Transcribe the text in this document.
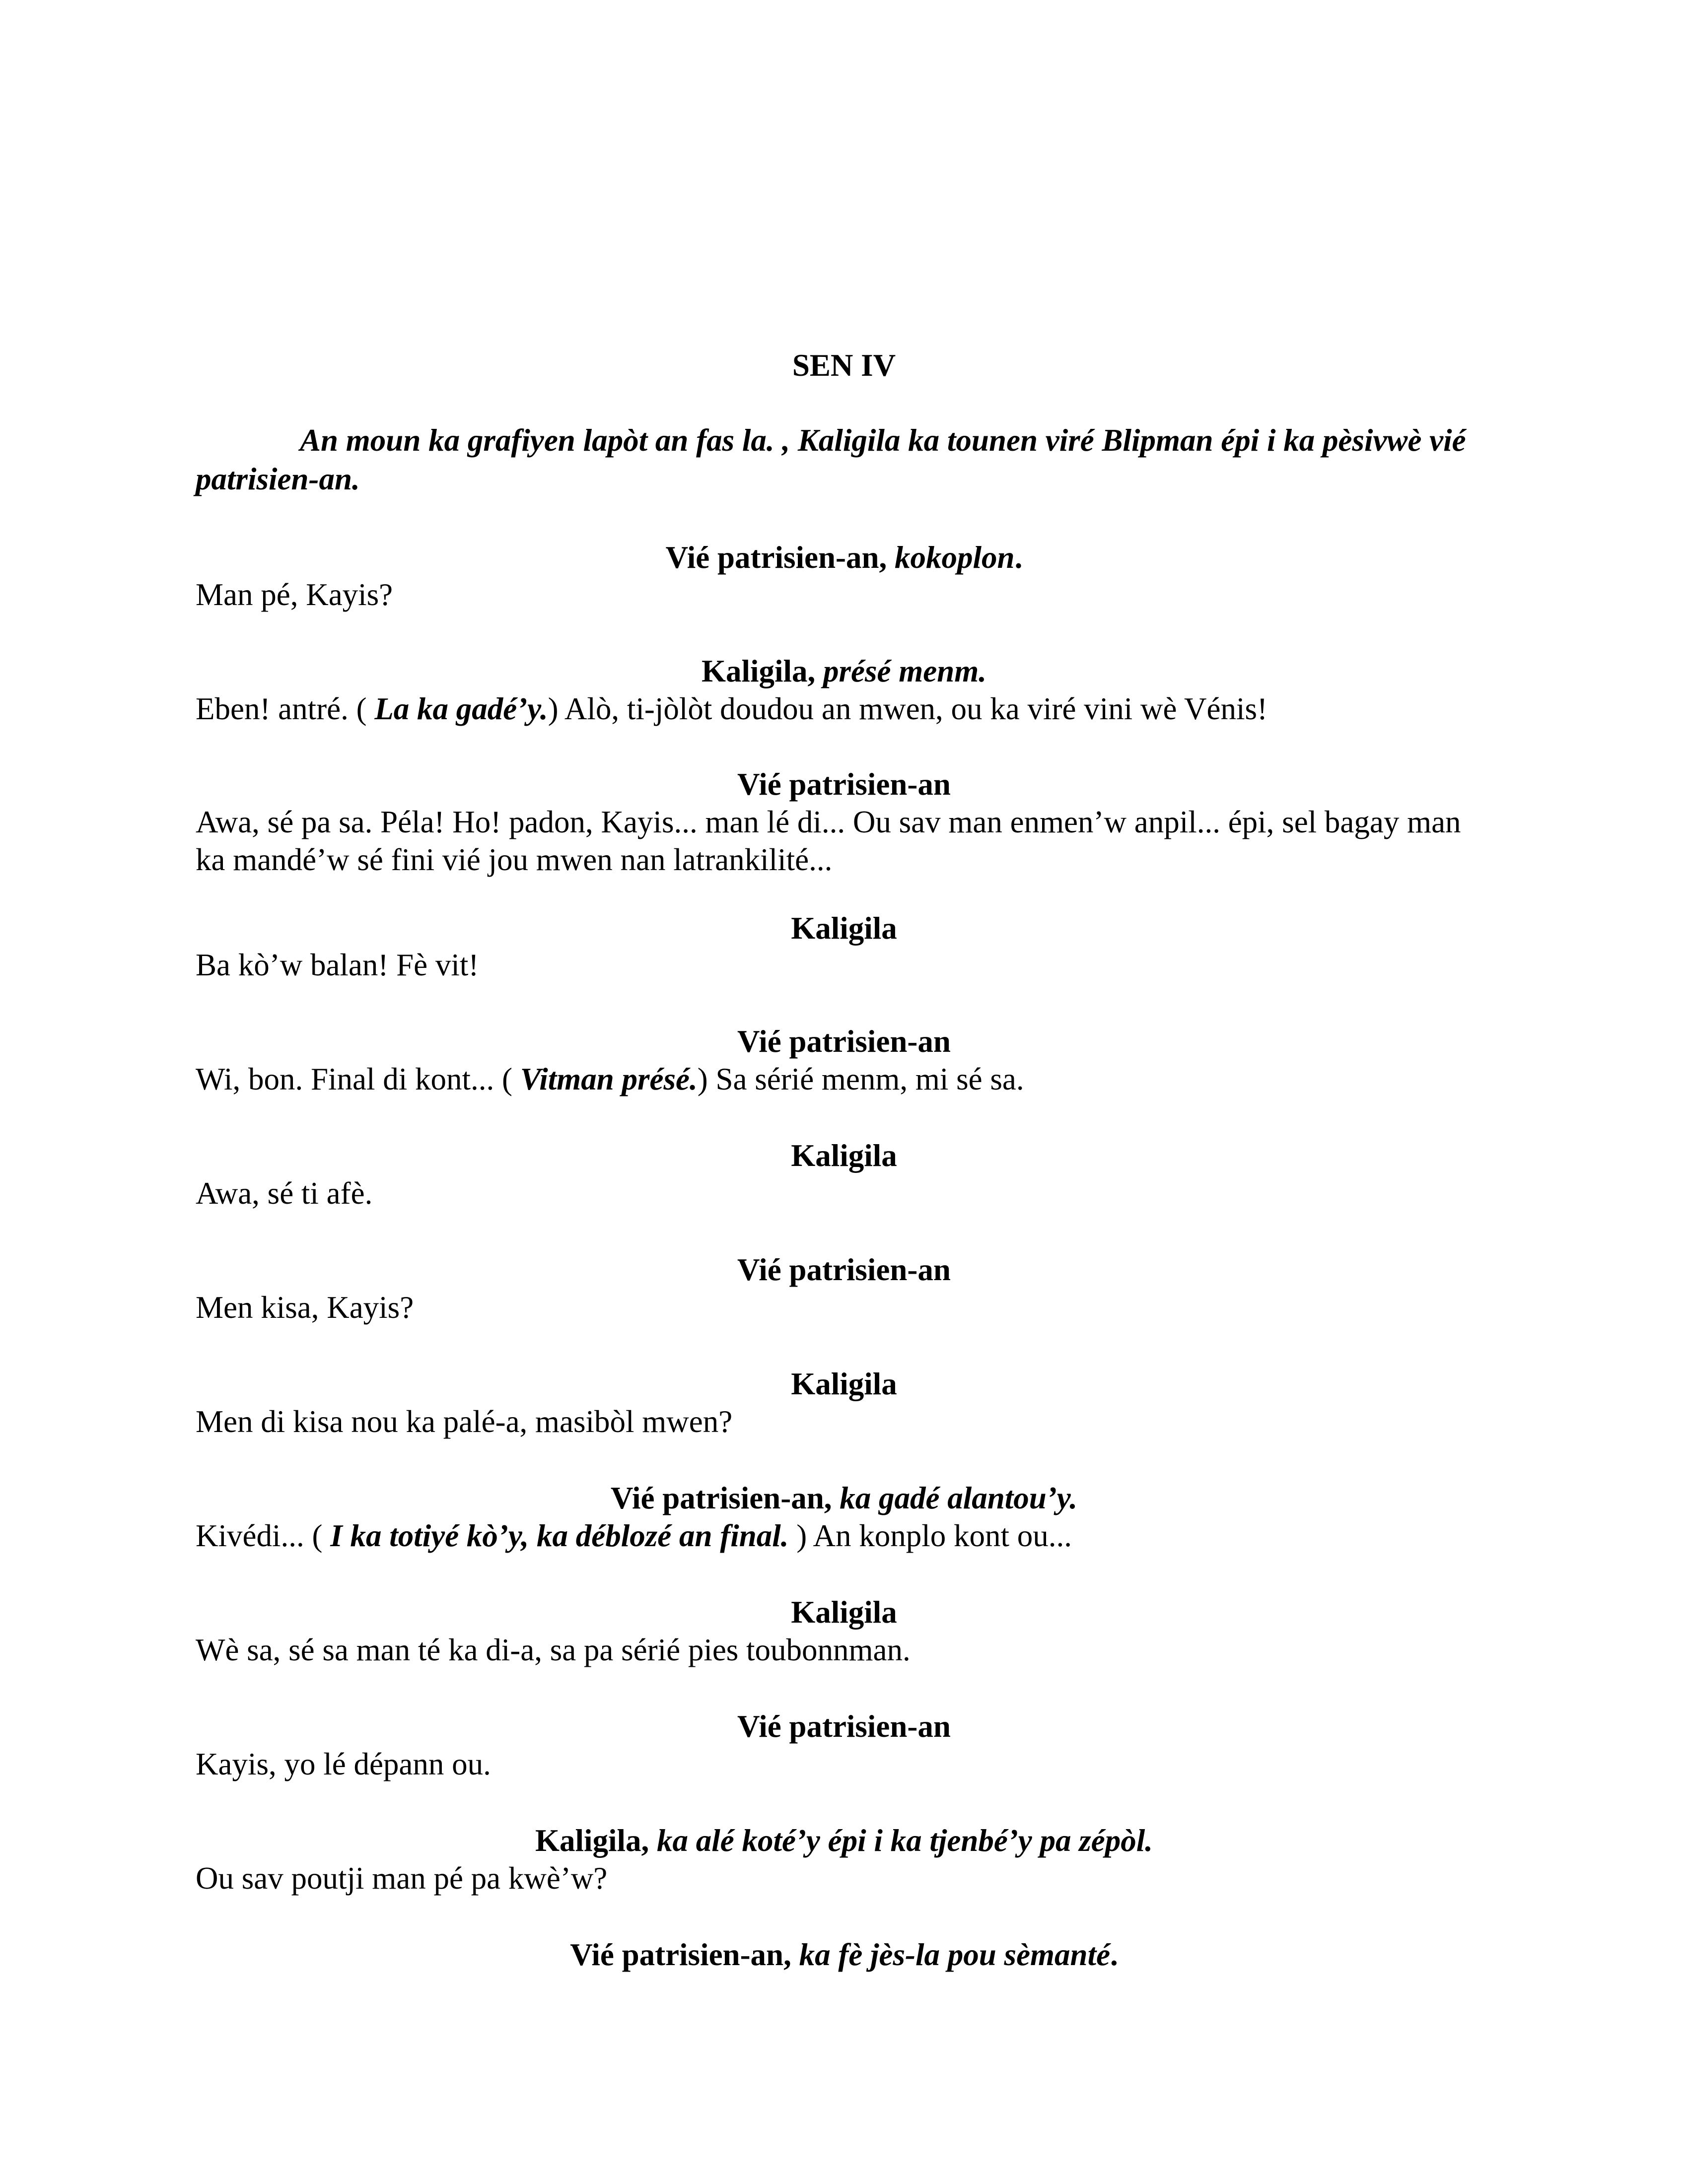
SEN IV
An moun ka grafiyen lapòt an fas la. , Kaligila ka tounen viré Blipman épi i ka pèsivwè vié patrisien-an.
Vié patrisien-an, kokoplon.
Man pé, Kayis?
Kaligila, présé menm.
Eben! antré. ( La ka gadé’y.) Alò, ti-jòlòt doudou an mwen, ou ka viré vini wè Vénis!
Vié patrisien-an
Awa, sé pa sa. Péla! Ho! padon, Kayis... man lé di... Ou sav man enmen’w anpil... épi, sel bagay man ka mandé’w sé fini vié jou mwen nan latrankilité...
Kaligila
Ba kò’w balan! Fè vit!
Vié patrisien-an
Wi, bon. Final di kont... ( Vitman présé.) Sa sérié menm, mi sé sa.
Kaligila
Awa, sé ti afè.
Vié patrisien-an
Men kisa, Kayis?
Kaligila
Men di kisa nou ka palé-a, masibòl mwen?
Vié patrisien-an, ka gadé alantou’y.
Kivédi... ( I ka totiyé kò’y, ka déblozé an final. ) An konplo kont ou...
Kaligila
Wè sa, sé sa man té ka di-a, sa pa sérié pies toubonnman.
Vié patrisien-an
Kayis, yo lé dépann ou.
Kaligila, ka alé koté’y épi i ka tjenbé’y pa zépòl.
Ou sav poutji man pé pa kwè’w?
Vié patrisien-an, ka fè jès-la pou sèmanté.
